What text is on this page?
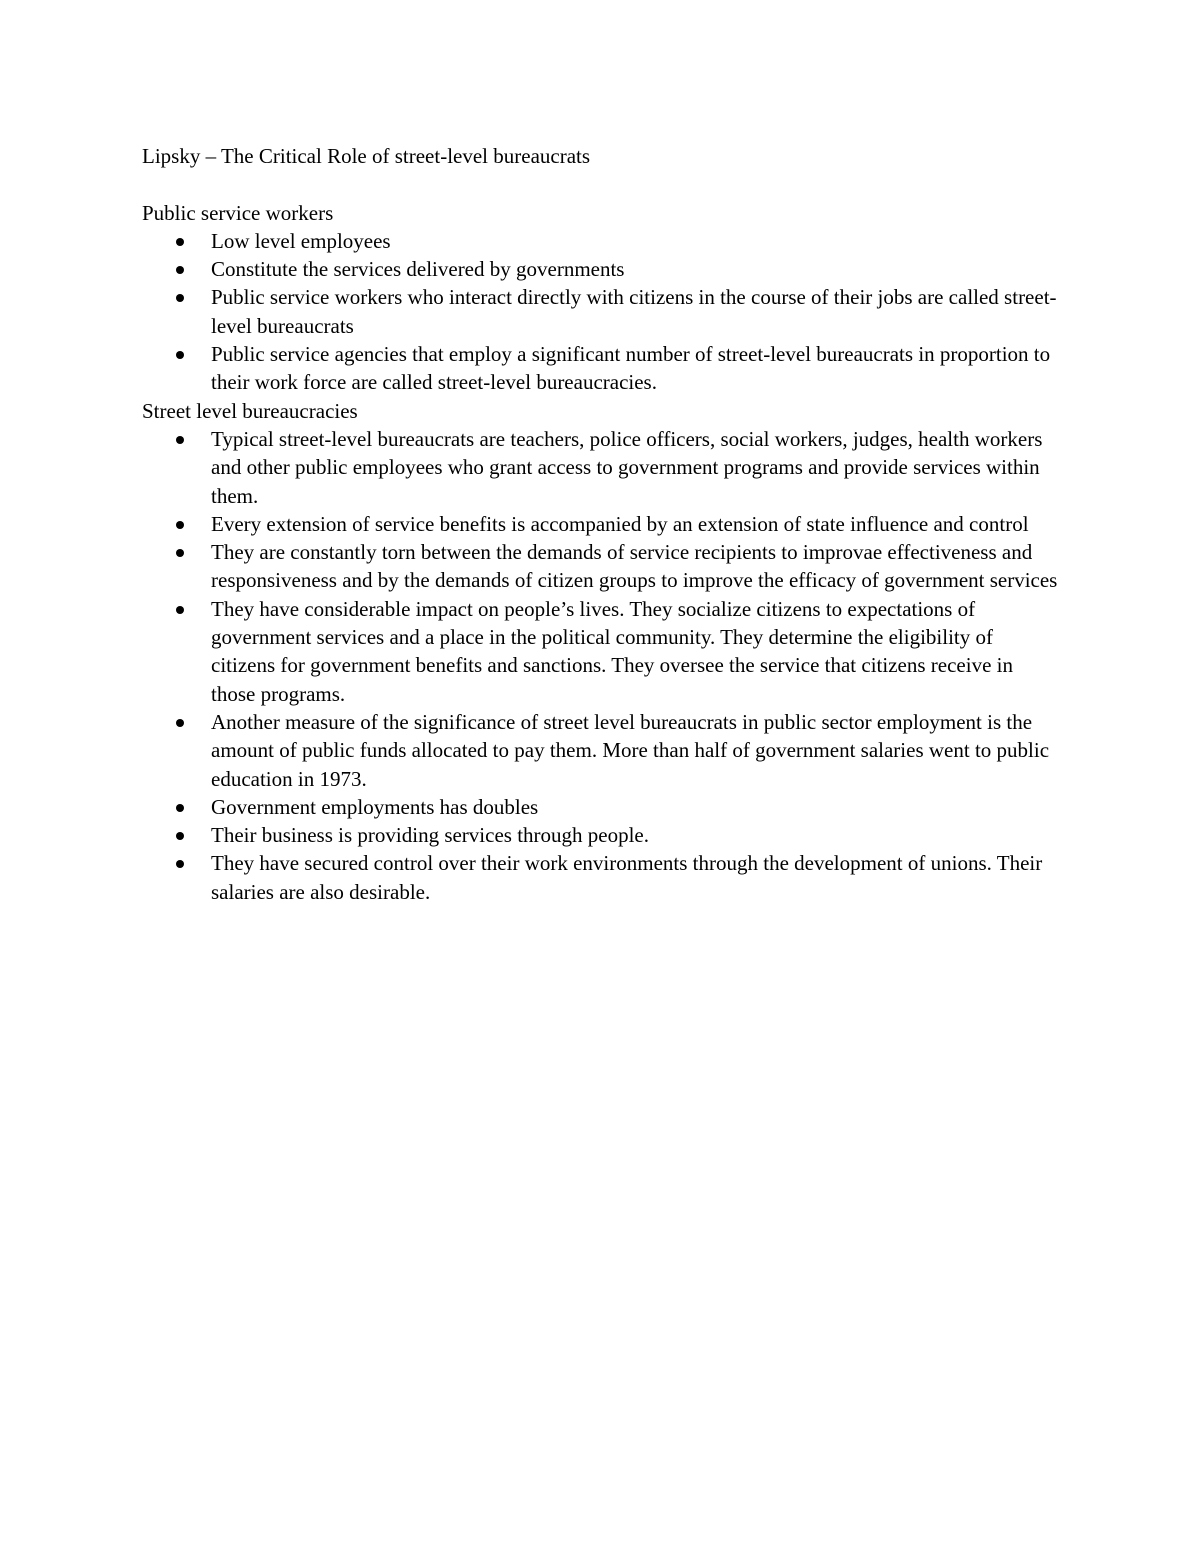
Lipsky – The Critical Role of street-level bureaucrats

Public service workers

Low level employees
Constitute the services delivered by governments
Public service workers who interact directly with citizens in the course of their jobs are called street-level bureaucrats
Public service agencies that employ a significant number of street-level bureaucrats in proportion to their work force are called street-level bureaucracies.

Street level bureaucracies

Typical street-level bureaucrats are teachers, police officers, social workers, judges, health workers and other public employees who grant access to government programs and provide services within them.
Every extension of service benefits is accompanied by an extension of state influence and control
They are constantly torn between the demands of service recipients to improvae effectiveness and responsiveness and by the demands of citizen groups to improve the efficacy of government services
They have considerable impact on people’s lives. They socialize citizens to expectations of government services and a place in the political community. They determine the eligibility of citizens for government benefits and sanctions. They oversee the service that citizens receive in those programs.
Another measure of the significance of street level bureaucrats in public sector employment is the amount of public funds allocated to pay them. More than half of government salaries went to public education in 1973.
Government employments has doubles
Their business is providing services through people.
They have secured control over their work environments through the development of unions. Their salaries are also desirable.
